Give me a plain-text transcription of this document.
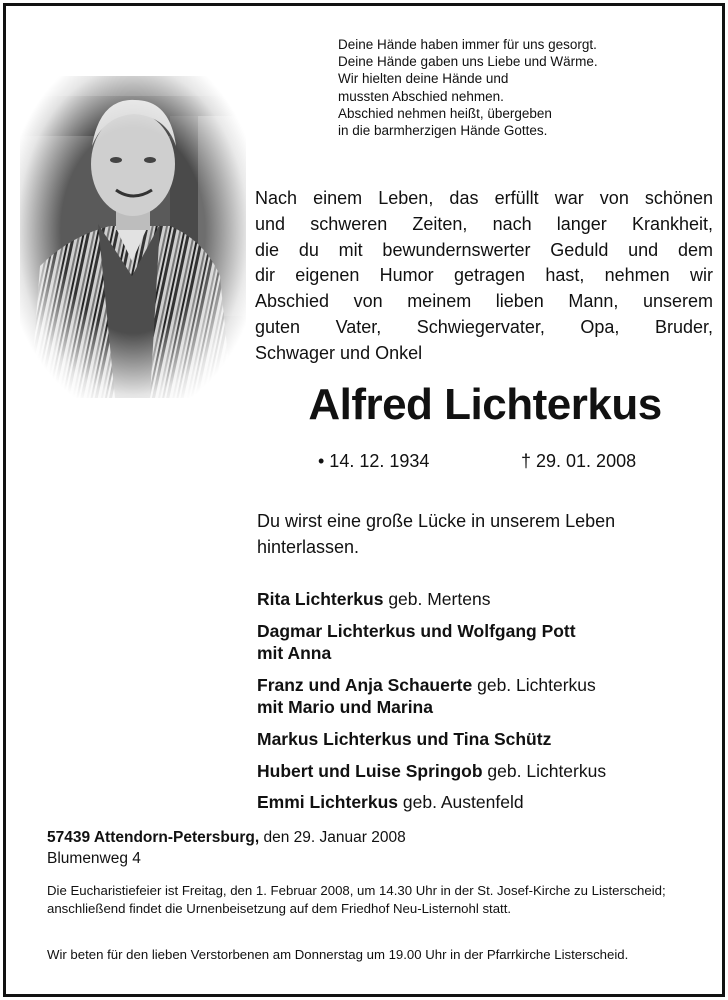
Deine Hände haben immer für uns gesorgt.
Deine Hände gaben uns Liebe und Wärme.
Wir hielten deine Hände und
mussten Abschied nehmen.
Abschied nehmen heißt, übergeben
in die barmherzigen Hände Gottes.
Nach einem Leben, das erfüllt war von schönen
und schweren Zeiten, nach langer Krankheit,
die du mit bewundernswerter Geduld und dem
dir eigenen Humor getragen hast, nehmen wir
Abschied von meinem lieben Mann, unserem
guten Vater, Schwiegervater, Opa, Bruder,
Schwager und Onkel
Alfred Lichterkus
• 14. 12. 1934	† 29. 01. 2008
Du wirst eine große Lücke in unserem Leben
hinterlassen.
Rita Lichterkus geb. Mertens
Dagmar Lichterkus und Wolfgang Pott
mit Anna
Franz und Anja Schauerte geb. Lichterkus
mit Mario und Marina
Markus Lichterkus und Tina Schütz
Hubert und Luise Springob geb. Lichterkus
Emmi Lichterkus geb. Austenfeld
57439 Attendorn-Petersburg, den 29. Januar 2008
Blumenweg 4
Die Eucharistiefeier ist Freitag, den 1. Februar 2008, um 14.30 Uhr in der St. Josef-Kirche zu Listerscheid; anschließend findet die Urnenbeisetzung auf dem Friedhof Neu-Listernohl statt.
Wir beten für den lieben Verstorbenen am Donnerstag um 19.00 Uhr in der Pfarrkirche Listerscheid.
